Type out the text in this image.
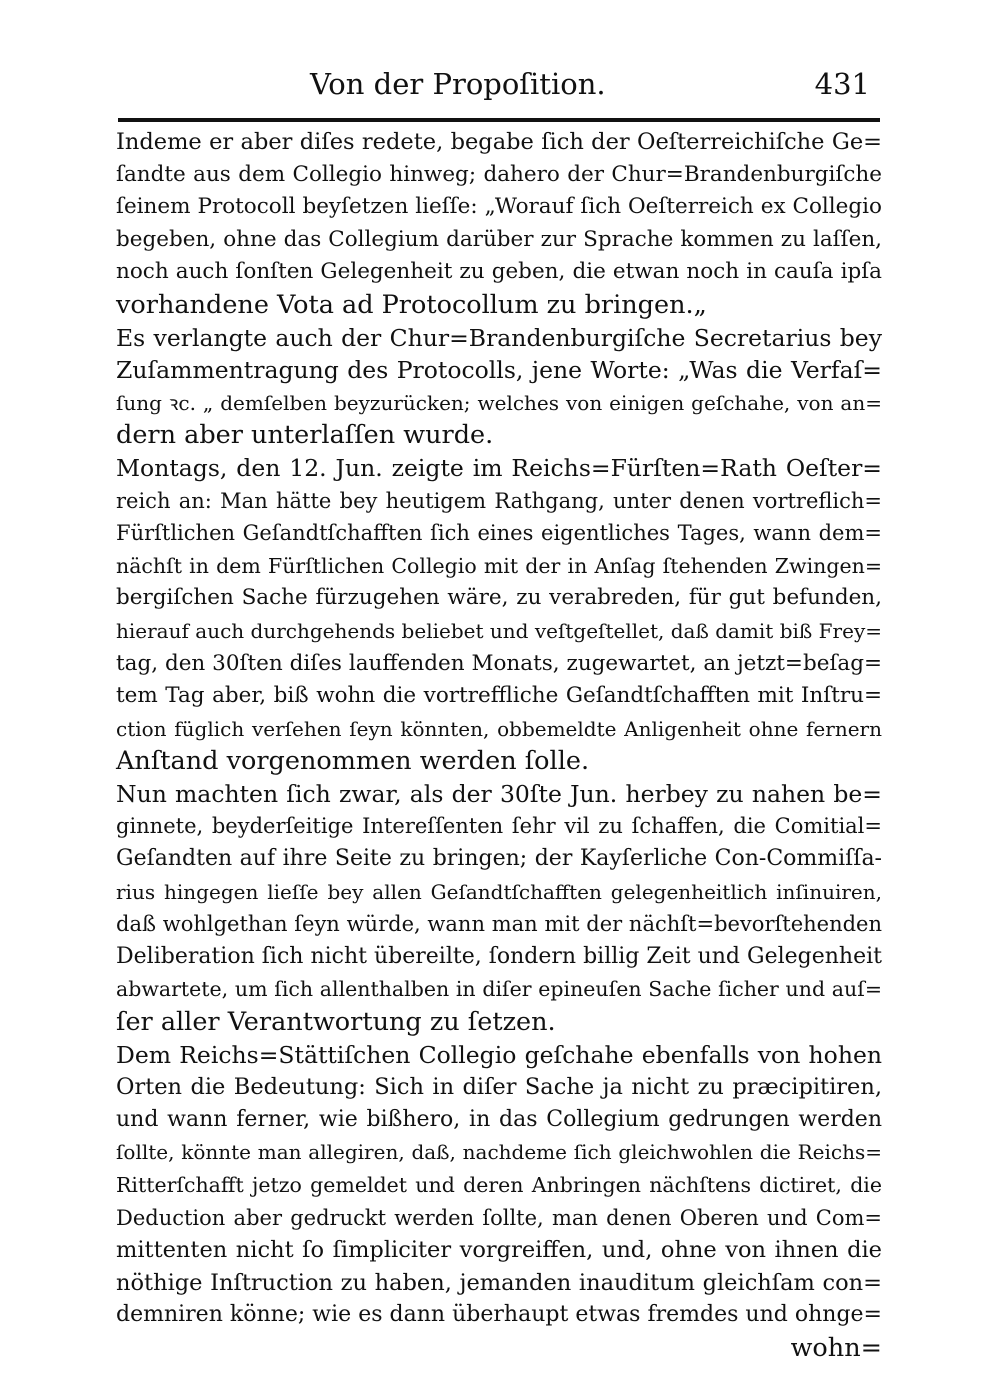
Von der Propoſition.	431
Indeme er aber diſes redete, begabe ſich der Oeſterreichiſche Ge=
ſandte aus dem Collegio hinweg; dahero der Chur=Brandenburgiſche
ſeinem Protocoll beyſetzen lieſſe: „Worauf ſich Oeſterreich ex Collegio
begeben, ohne das Collegium darüber zur Sprache kommen zu laſſen,
noch auch ſonſten Gelegenheit zu geben, die etwan noch in cauſa ipſa
vorhandene Vota ad Protocollum zu bringen.„
Es verlangte auch der Chur=Brandenburgiſche Secretarius bey
Zuſammentragung des Protocolls, jene Worte: „Was die Verfaſ=
ſung ꝛc. „ demſelben beyzurücken; welches von einigen geſchahe, von an=
dern aber unterlaſſen wurde.
Montags, den 12. Jun. zeigte im Reichs=Fürſten=Rath Oeſter=
reich an: Man hätte bey heutigem Rathgang, unter denen vortreflich=
Fürſtlichen Geſandtſchafften ſich eines eigentliches Tages, wann dem=
nächſt in dem Fürſtlichen Collegio mit der in Anſag ſtehenden Zwingen=
bergiſchen Sache fürzugehen wäre, zu verabreden, für gut befunden,
hierauf auch durchgehends beliebet und veſtgeſtellet, daß damit biß Frey=
tag, den 30ſten diſes lauffenden Monats, zugewartet, an jetzt=beſag=
tem Tag aber, biß wohn die vortreffliche Geſandtſchafften mit Inſtru=
ction füglich verſehen ſeyn könnten, obbemeldte Anligenheit ohne fernern
Anſtand vorgenommen werden ſolle.
Nun machten ſich zwar, als der 30ſte Jun. herbey zu nahen be=
ginnete, beyderſeitige Intereſſenten ſehr vil zu ſchaffen, die Comitial=
Geſandten auf ihre Seite zu bringen; der Kayſerliche Con-Commiſſa-
rius hingegen lieſſe bey allen Geſandtſchafften gelegenheitlich inſinuiren,
daß wohlgethan ſeyn würde, wann man mit der nächſt=bevorſtehenden
Deliberation ſich nicht übereilte, ſondern billig Zeit und Gelegenheit
abwartete, um ſich allenthalben in diſer epineuſen Sache ſicher und auſ=
ſer aller Verantwortung zu ſetzen.
Dem Reichs=Stättiſchen Collegio geſchahe ebenfalls von hohen
Orten die Bedeutung: Sich in diſer Sache ja nicht zu præcipitiren,
und wann ferner, wie bißhero, in das Collegium gedrungen werden
ſollte, könnte man allegiren, daß, nachdeme ſich gleichwohlen die Reichs=
Ritterſchafft jetzo gemeldet und deren Anbringen nächſtens dictiret, die
Deduction aber gedruckt werden ſollte, man denen Oberen und Com=
mittenten nicht ſo ſimpliciter vorgreiffen, und, ohne von ihnen die
nöthige Inſtruction zu haben, jemanden inauditum gleichſam con=
demniren könne; wie es dann überhaupt etwas fremdes und ohnge=
wohn=
